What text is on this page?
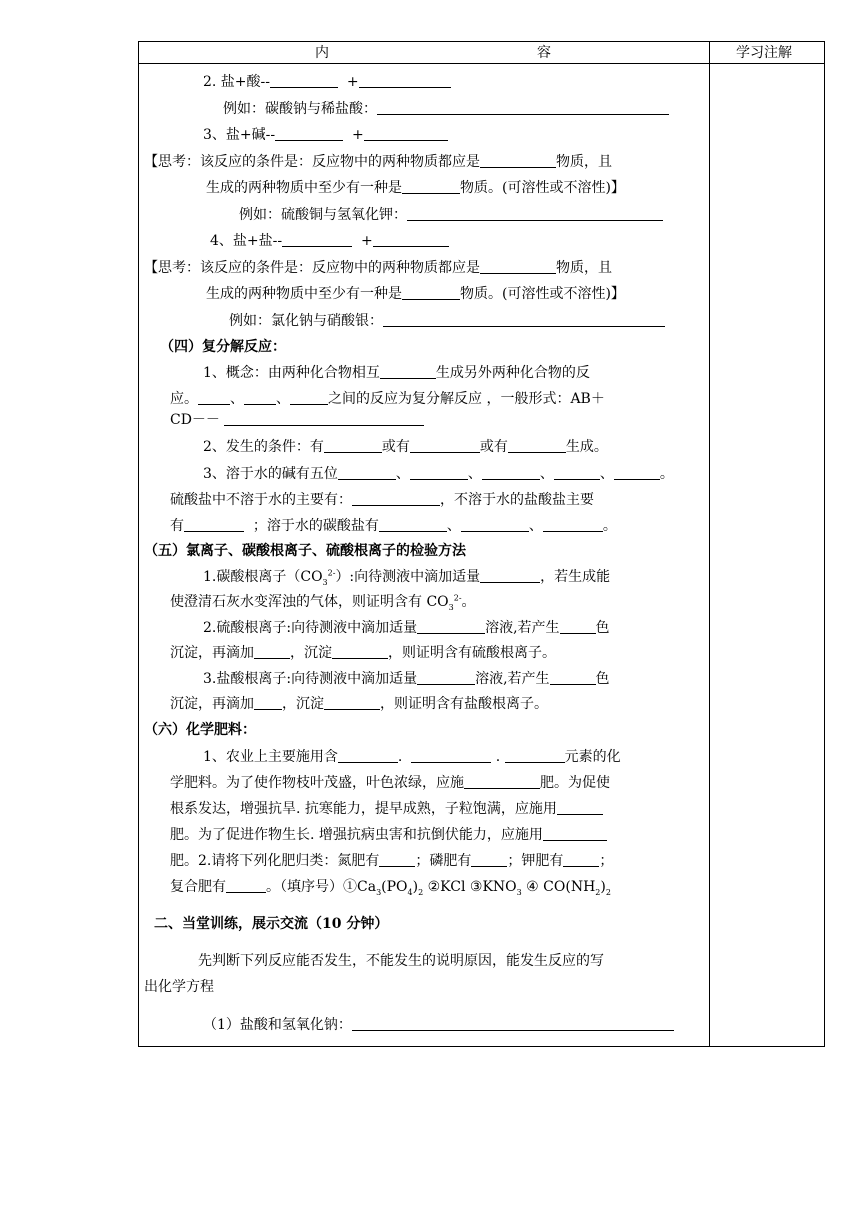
内	容	学习注解
2. 盐+酸--	+
例如：碳酸钠与稀盐酸：
3、盐+碱--	+
【思考：该反应的条件是：反应物中的两种物质都应是	物质，且
生成的两种物质中至少有一种是	物质。(可溶性或不溶性)】
例如：硫酸铜与氢氧化钾：
4、盐+盐--	+
【思考：该反应的条件是：反应物中的两种物质都应是	物质，且
生成的两种物质中至少有一种是	物质。(可溶性或不溶性)】
例如：氯化钠与硝酸银：
（四）复分解反应：
1、概念：由两种化合物相互	生成另外两种化合物的反
应。 、 、	之间的反应为复分解反应 ，一般形式：AB＋
CD－－
2、发生的条件：有	或有	或有	生成。
3、溶于水的碱有五位	、	、	、	、	。
硫酸盐中不溶于水的主要有：	，不溶于水的盐酸盐主要
有	；溶于水的碳酸盐有	、	、	。
（五）氯离子、碳酸根离子、硫酸根离子的检验方法
1.碳酸根离子$(CO_3^{2-})$:向待测液中滴加适量	，若生成能
使澄清石灰水变浑浊的气体，则证明含有 $CO_3^{2-}$。
2.硫酸根离子:向待测液中滴加适量	溶液,若产生	色
沉淀，再滴加	，沉淀	，则证明含有硫酸根离子。
3.盐酸根离子:向待测液中滴加适量	溶液,若产生	色
沉淀，再滴加 ，沉淀	，则证明含有盐酸根离子。
（六）化学肥料：
1、农业上主要施用含	.	.	元素的化
学肥料。为了使作物枝叶茂盛，叶色浓绿，应施	肥。为促使
根系发达，增强抗旱. 抗寒能力，提早成熟，子粒饱满，应施用
肥。为了促进作物生长. 增强抗病虫害和抗倒伏能力，应施用
肥。2.请将下列化肥归类：氮肥有	；磷肥有	；钾肥有	；
复合肥有	。（填序号）$①Ca_3(PO_4)_2$ ②KCl $③KNO_3$ ④ $CO(NH_2)_2$
二、当堂训练，展示交流（10 分钟）
先判断下列反应能否发生，不能发生的说明原因，能发生反应的写
出化学方程
（1）盐酸和氢氧化钠：
